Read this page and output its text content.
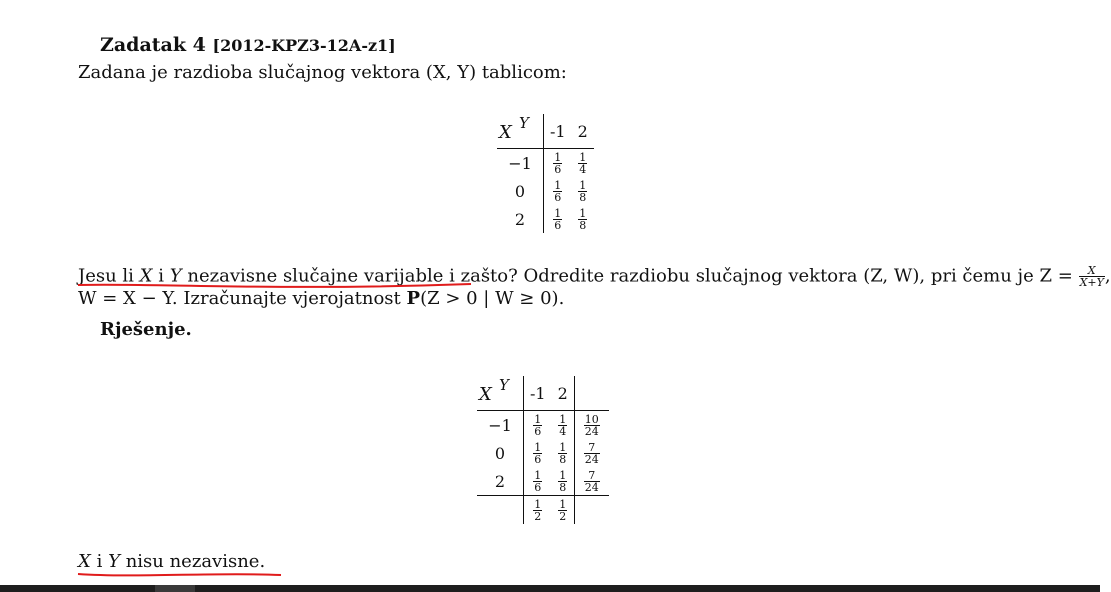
Zadatak 4 [2012-KPZ3-12A-z1]
Zadana je razdioba slučajnog vektora (X, Y) tablicom:
X Y	-1	2
−1	$\frac{1}{6}$	$\frac{1}{4}$

0	$\frac{1}{6}$	$\frac{1}{8}$

2	$\frac{1}{6}$	$\frac{1}{8}$
Jesu li X i Y nezavisne slučajne varijable i zašto? Odredite razdiobu slučajnog vektora (Z, W), pri čemu je $Z = \frac{X}{X+Y}$ ,
W = X − Y. Izračunajte vjerojatnost P(Z > 0 | W ≥ 0).
Rješenje.
X Y	-1	2	
−1	$\frac{1}{6}$	$\frac{1}{4}$	$\frac{10}{24}$

0	$\frac{1}{6}$	$\frac{1}{8}$	$\frac{7}{24}$

2	$\frac{1}{6}$	$\frac{1}{8}$	$\frac{7}{24}$

	$\frac{1}{2}$	$\frac{1}{2}$

X i Y nisu nezavisne.
